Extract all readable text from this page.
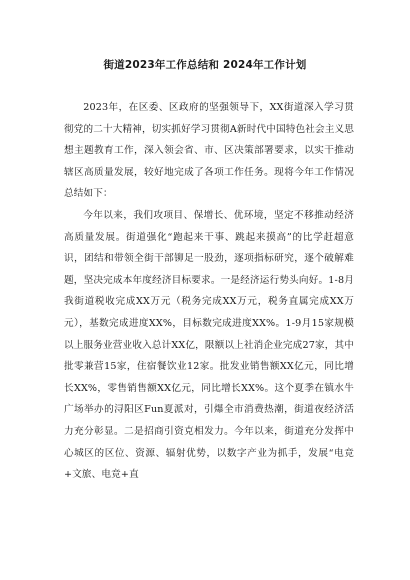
街道2023年工作总结和 2024年工作计划

2023年，在区委、区政府的坚强领导下，XX街道深入学习贯彻党的二十大精神，切实抓好学习贯彻A新时代中国特色社会主义思想主题教育工作，深入领会省、市、区决策部署要求，以实干推动辖区高质量发展，较好地完成了各项工作任务。现将今年工作情况总结如下：

今年以来，我们攻项目、保增长、优环境，坚定不移推动经济高质量发展。街道强化“跑起来干事、跳起来摸高”的比学赶超意识，团结和带领全街干部铆足一股劲，逐项指标研究，逐个破解难题，坚决完成本年度经济目标要求。一是经济运行势头向好。1-8月我街道税收完成XX万元（税务完成XX万元，税务直属完成XX万元），基数完成进度XX%，目标数完成进度XX%。1-9月15家规模以上服务业营业收入总计XX亿，限额以上社消企业完成27家，其中批零兼营15家，住宿餐饮业12家。批发业销售额XX亿元，同比增长XX%，零售销售额XX亿元，同比增长XX%。这个夏季在镇水牛广场举办的浔阳区Fun夏派对，引爆全市消费热潮，街道夜经济活力充分彰显。二是招商引资克相发力。今年以来，街道充分发挥中心城区的区位、资源、辐射优势，以数字产业为抓手，发展“电竞+文旅、电竞+直
